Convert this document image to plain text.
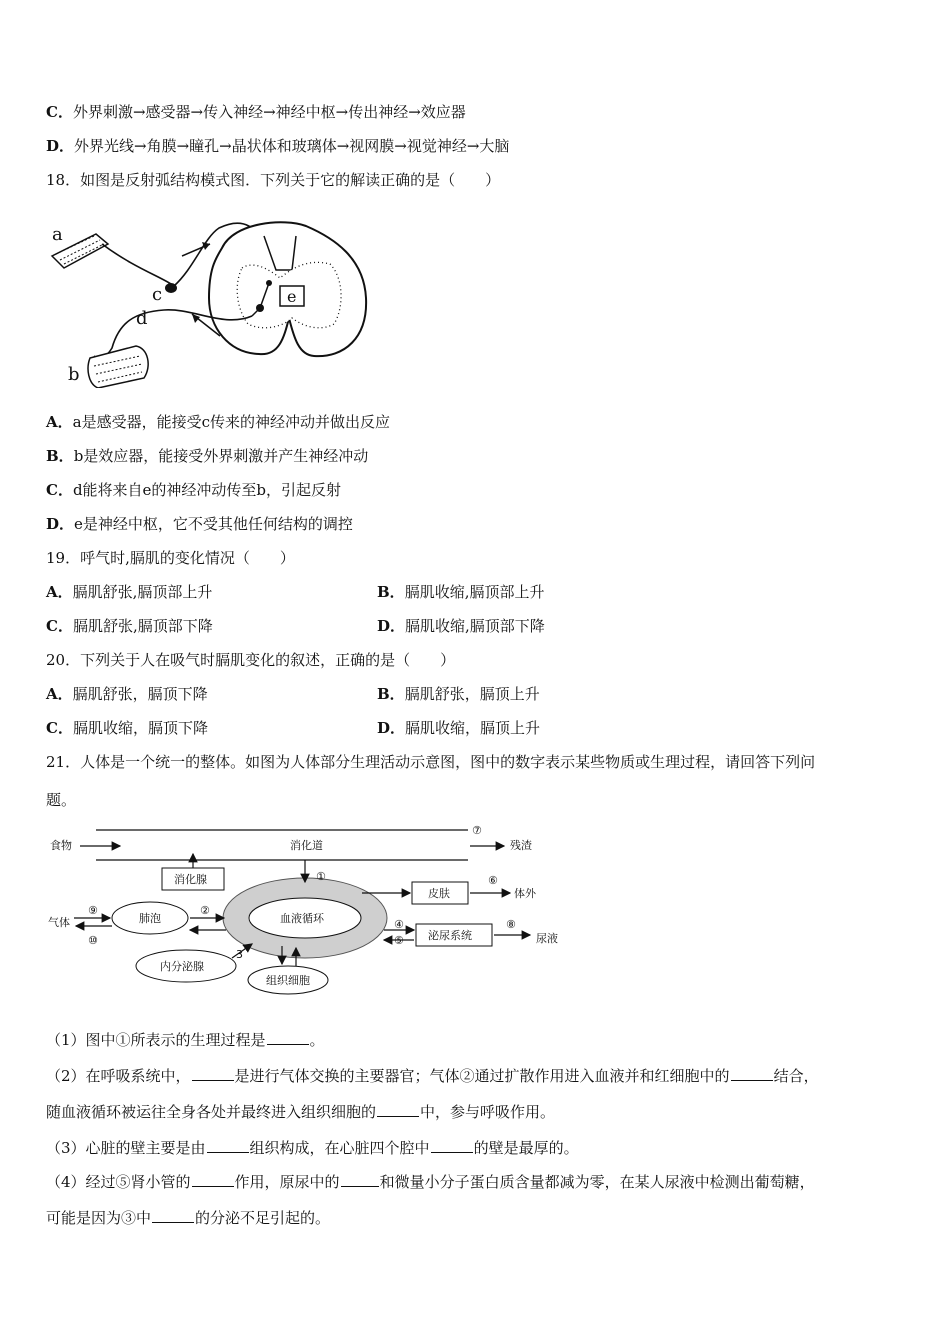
C．外界刺激→感受器→传入神经→神经中枢→传出神经→效应器
D．外界光线→角膜→瞳孔→晶状体和玻璃体→视网膜→视觉神经→大脑
18．如图是反射弧结构模式图．下列关于它的解读正确的是（　　）
a
c	e
d
b
A．a是感受器，能接受c传来的神经冲动并做出反应
B．b是效应器，能接受外界刺激并产生神经冲动
C．d能将来自e的神经冲动传至b，引起反射
D．e是神经中枢，它不受其他任何结构的调控
19．呼气时,膈肌的变化情况（　　）
A．膈肌舒张,膈顶部上升	B．膈肌收缩,膈顶部上升
C．膈肌舒张,膈顶部下降	D．膈肌收缩,膈顶部下降
20．下列关于人在吸气时膈肌变化的叙述，正确的是（　　）
A．膈肌舒张，膈顶下降	B．膈肌舒张，膈顶上升
C．膈肌收缩，膈顶下降	D．膈肌收缩，膈顶上升
21．人体是一个统一的整体。如图为人体部分生理活动示意图，图中的数字表示某些物质或生理过程，请回答下列问
题。
食物	消化道
⑦
残渣
消化腺
血液循环
①
肺泡
气体
⑨
⑩
②
内分泌腺
3
组织细胞
皮肤
⑥
体外
泌尿系统
④
⑤
⑧
尿液
（1）图中①所表示的生理过程是	。
（2）在呼吸系统中，	是进行气体交换的主要器官；气体②通过扩散作用进入血液并和红细胞中的	结合，
随血液循环被运往全身各处并最终进入组织细胞的	中，参与呼吸作用。
（3）心脏的壁主要是由	组织构成，在心脏四个腔中	的壁是最厚的。
（4）经过⑤肾小管的	作用，原尿中的	和微量小分子蛋白质含量都减为零，在某人尿液中检测出葡萄糖，
可能是因为③中	的分泌不足引起的。
